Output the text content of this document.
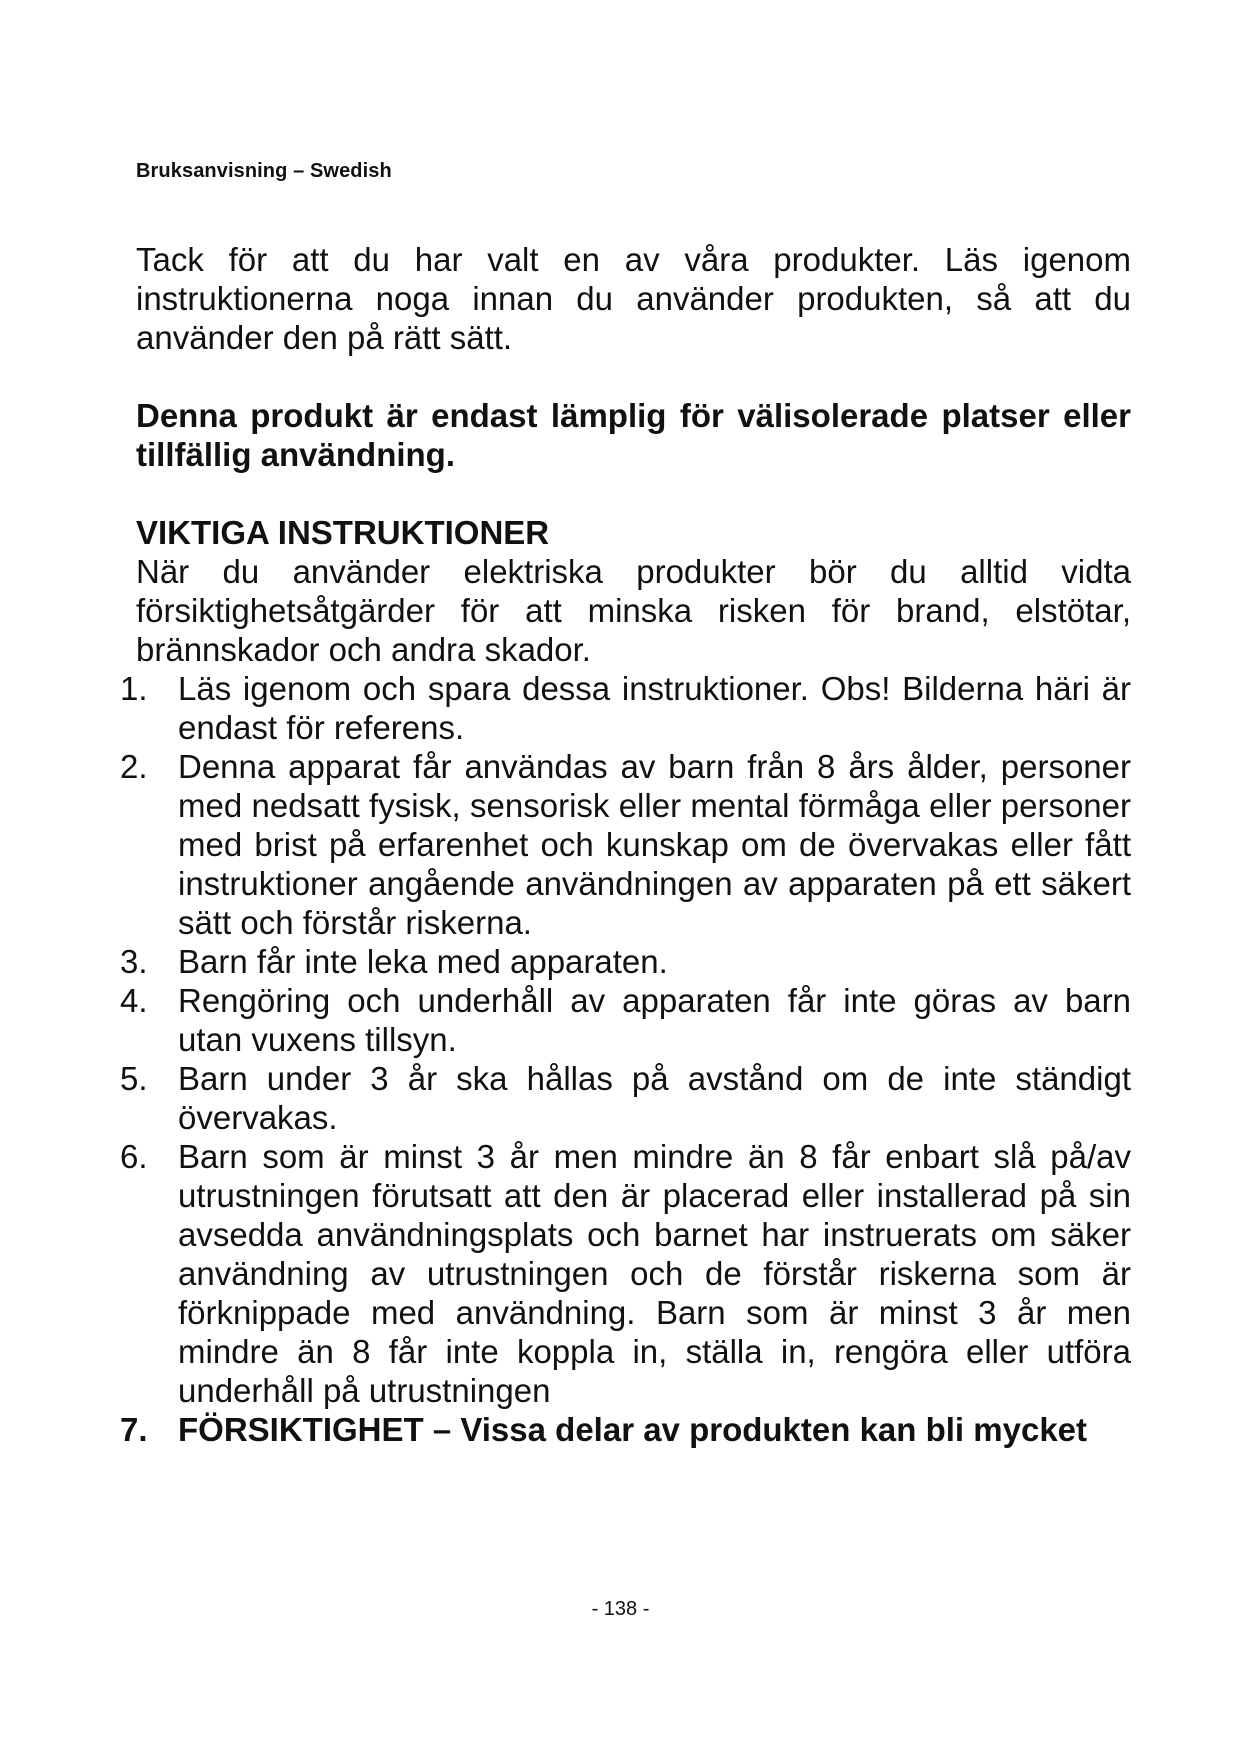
Bruksanvisning – Swedish

Tack för att du har valt en av våra produkter. Läs igenom instruktionerna noga innan du använder produkten, så att du använder den på rätt sätt.

Denna produkt är endast lämplig för välisolerade platser eller tillfällig användning.

VIKTIGA INSTRUKTIONER

När du använder elektriska produkter bör du alltid vidta försiktighetsåtgärder för att minska risken för brand, elstötar, brännskador och andra skador.

1. Läs igenom och spara dessa instruktioner. Obs! Bilderna häri är endast för referens.
2. Denna apparat får användas av barn från 8 års ålder, personer med nedsatt fysisk, sensorisk eller mental förmåga eller personer med brist på erfarenhet och kunskap om de övervakas eller fått instruktioner angående användningen av apparaten på ett säkert sätt och förstår riskerna.
3. Barn får inte leka med apparaten.
4. Rengöring och underhåll av apparaten får inte göras av barn utan vuxens tillsyn.
5. Barn under 3 år ska hållas på avstånd om de inte ständigt övervakas.
6. Barn som är minst 3 år men mindre än 8 får enbart slå på/av utrustningen förutsatt att den är placerad eller installerad på sin avsedda användningsplats och barnet har instruerats om säker användning av utrustningen och de förstår riskerna som är förknippade med användning. Barn som är minst 3 år men mindre än 8 får inte koppla in, ställa in, rengöra eller utföra underhåll på utrustningen
7. FÖRSIKTIGHET – Vissa delar av produkten kan bli mycket
- 138 -
